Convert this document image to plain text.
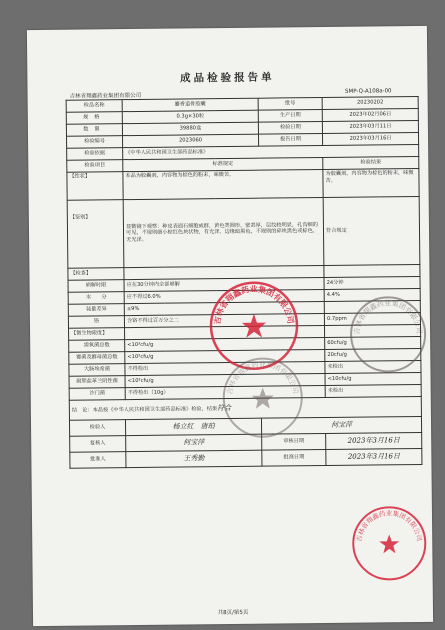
成品检验报告单
吉林省翔鑫药业集团有限公司
SMP-Q-A108a-00
检品名称	麝香追骨胶囊	批号	20230202
规格	0.3g×30粒	生产日期	2023年02月06日
数量	39880盒	检验日期	2023年03月11日
检验编号	2023060	报告日期	2023年03月16日
检验依据	《中华人民共和国卫生部药品标准》		
检验项目	标准规定		检验结果
【性状】	本品为胶囊剂，内容物为棕色的粉末，味微苦。		为胶囊剂，内容物为棕色的粉末，味微苦。
【鉴别】	显微镜下观察：种皮表面石细胞成群，黄色类圆形，壁甚厚，层纹较明显，孔沟细的可见，不规则细小棕红色块状物，有光泽，边缘暗黑色，不规则的碎块黑色或棕色，无光泽。		符合规定
【检查】			
崩解时限	应在30分钟内全部崩解		24分钟
水　　分	应不得过6.0%		4.4%
装量差异	±9%		
铬	含铬不得过百万分之二		0.7ppm
【微生物限度】			
需氧菌总数	<10³cfu/g		60cfu/g
霉菌及酵母菌总数	<10²cfu/g		20cfu/g
大肠埃希菌	不得检出		未检出
耐胆盐革兰阴性菌	<10²cfu/g		<10cfu/g
沙门菌	不得检出（10g）		未检出
结　论：本品按《中华人民共和国卫生部药品标准》检验，结果符合			
检验人	杨立红　唐珀	何宝萍	
复核人	何宝萍	审核日期	2023年3月16日
批准人	王秀勤	批准日期	2023年3月16日
吉林省翔鑫药业集团有限公司
吉林省翔鑫药业集团有限公司
吉林省翔鑫药业集团有限公司
吉林省翔鑫药业集团有限公司
共8页/第5页
